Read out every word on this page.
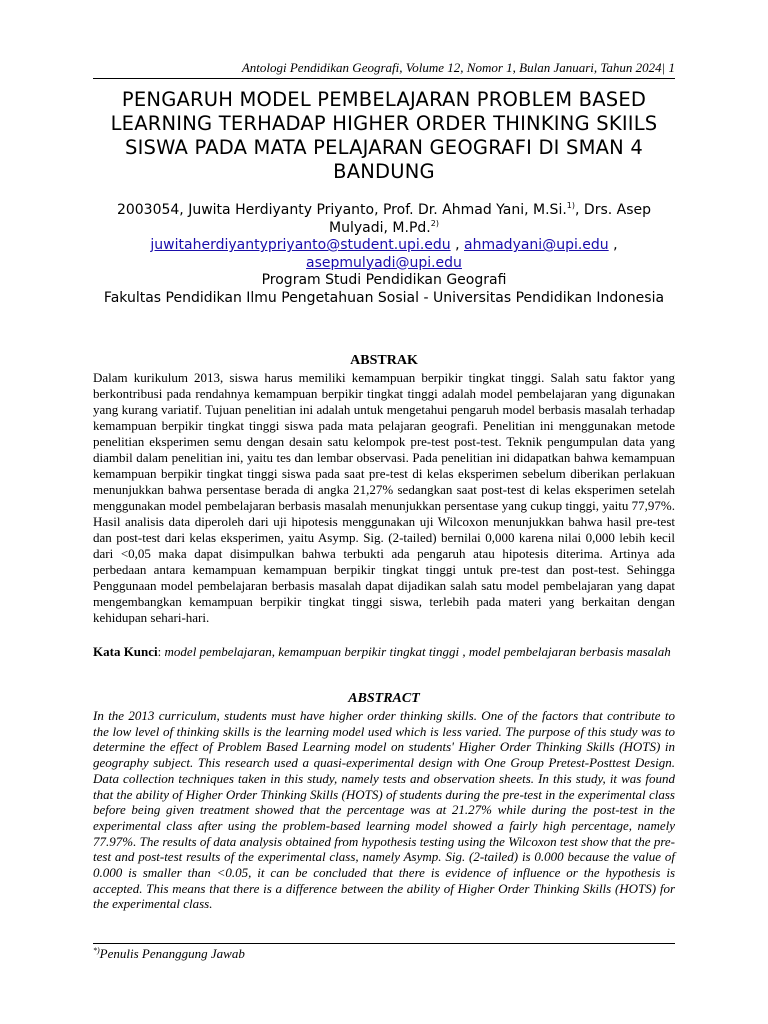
Antologi Pendidikan Geografi, Volume 12, Nomor 1, Bulan Januari, Tahun 2024| 1
PENGARUH MODEL PEMBELAJARAN PROBLEM BASED LEARNING TERHADAP HIGHER ORDER THINKING SKIILS SISWA PADA MATA PELAJARAN GEOGRAFI DI SMAN 4 BANDUNG
2003054, Juwita Herdiyanty Priyanto, Prof. Dr. Ahmad Yani, M.Si.$^{1)}$, Drs. Asep Mulyadi, M.Pd.$^{2)}$
juwitaherdiyantypriyanto@student.upi.edu , ahmadyani@upi.edu , asepmulyadi@upi.edu
Program Studi Pendidikan Geografi
Fakultas Pendidikan Ilmu Pengetahuan Sosial - Universitas Pendidikan Indonesia
ABSTRAK
Dalam kurikulum 2013, siswa harus memiliki kemampuan berpikir tingkat tinggi. Salah satu faktor yang berkontribusi pada rendahnya kemampuan berpikir tingkat tinggi adalah model pembelajaran yang digunakan yang kurang variatif. Tujuan penelitian ini adalah untuk mengetahui pengaruh model berbasis masalah terhadap kemampuan berpikir tingkat tinggi siswa pada mata pelajaran geografi. Penelitian ini menggunakan metode penelitian eksperimen semu dengan desain satu kelompok pre-test post-test. Teknik pengumpulan data yang diambil dalam penelitian ini, yaitu tes dan lembar observasi. Pada penelitian ini didapatkan bahwa kemampuan kemampuan berpikir tingkat tinggi siswa pada saat pre-test di kelas eksperimen sebelum diberikan perlakuan menunjukkan bahwa persentase berada di angka 21,27% sedangkan saat post-test di kelas eksperimen setelah menggunakan model pembelajaran berbasis masalah menunjukkan persentase yang cukup tinggi, yaitu 77,97%. Hasil analisis data diperoleh dari uji hipotesis menggunakan uji Wilcoxon menunjukkan bahwa hasil pre-test dan post-test dari kelas eksperimen, yaitu Asymp. Sig. (2-tailed) bernilai 0,000 karena nilai 0,000 lebih kecil dari <0,05 maka dapat disimpulkan bahwa terbukti ada pengaruh atau hipotesis diterima. Artinya ada perbedaan antara kemampuan kemampuan berpikir tingkat tinggi untuk pre-test dan post-test. Sehingga Penggunaan model pembelajaran berbasis masalah dapat dijadikan salah satu model pembelajaran yang dapat mengembangkan kemampuan berpikir tingkat tinggi siswa, terlebih pada materi yang berkaitan dengan kehidupan sehari-hari.
Kata Kunci: model pembelajaran, kemampuan berpikir tingkat tinggi , model pembelajaran berbasis masalah
ABSTRACT
In the 2013 curriculum, students must have higher order thinking skills. One of the factors that contribute to the low level of thinking skills is the learning model used which is less varied. The purpose of this study was to determine the effect of Problem Based Learning model on students' Higher Order Thinking Skills (HOTS) in geography subject. This research used a quasi-experimental design with One Group Pretest-Posttest Design. Data collection techniques taken in this study, namely tests and observation sheets. In this study, it was found that the ability of Higher Order Thinking Skills (HOTS) of students during the pre-test in the experimental class before being given treatment showed that the percentage was at 21.27% while during the post-test in the experimental class after using the problem-based learning model showed a fairly high percentage, namely 77.97%. The results of data analysis obtained from hypothesis testing using the Wilcoxon test show that the pre-test and post-test results of the experimental class, namely Asymp. Sig. (2-tailed) is 0.000 because the value of 0.000 is smaller than <0.05, it can be concluded that there is evidence of influence or the hypothesis is accepted. This means that there is a difference between the ability of Higher Order Thinking Skills (HOTS) for the experimental class.
*)Penulis Penanggung Jawab
